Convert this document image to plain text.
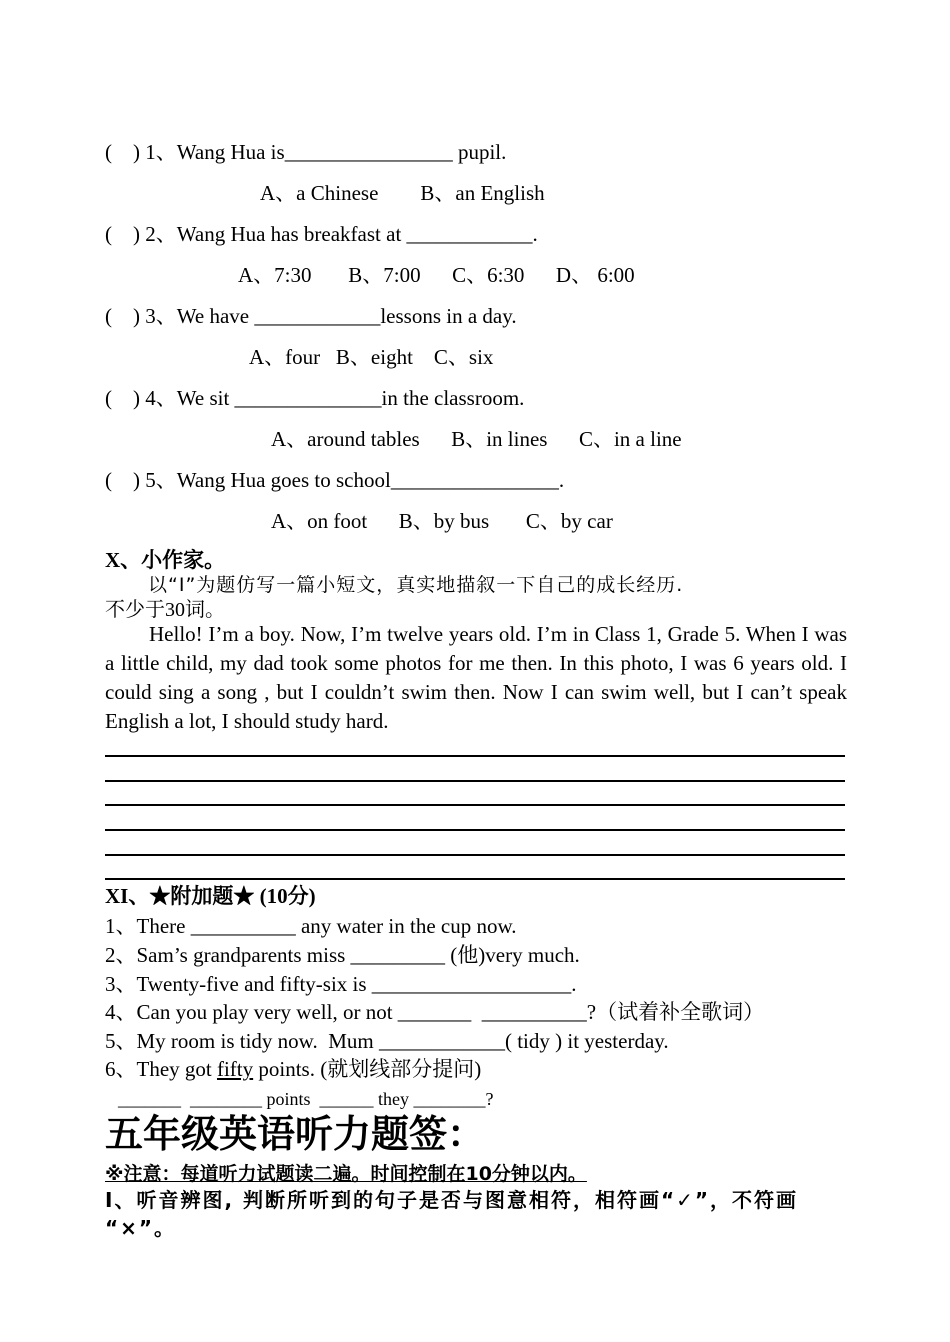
(    ) 1、Wang Hua is________________ pupil.
A、a Chinese        B、an English
(    ) 2、Wang Hua has breakfast at ____________.
A、7:30       B、7:00      C、6:30      D、 6:00
(    ) 3、We have ____________lessons in a day.
A、four   B、eight    C、six
(    ) 4、We sit ______________in the classroom.
A、around tables      B、in lines      C、in a line
(    ) 5、Wang Hua goes to school________________.
A、on foot      B、by bus       C、by car
X、小作家。
以“I”为题仿写一篇小短文，真实地描叙一下自己的成长经历.
不少于30词。
Hello! I’m a boy. Now, I’m twelve years old. I’m in Class 1, Grade 5. When I was a little child, my dad took some photos for me then. In this photo, I was 6 years old. I could sing a song , but I couldn’t swim then. Now I can swim well, but I can’t speak English a lot, I should study hard.
XI、★附加题★ (10分)
1、There __________ any water in the cup now.
2、Sam’s grandparents miss _________ (他)very much.
3、Twenty-five and fifty-six is ___________________.
4、Can you play very well, or not _______  __________?（试着补全歌词）
5、My room is tidy now.  Mum ____________( tidy ) it yesterday.
6、They got fifty points. (就划线部分提问)
_______  ________ points  ______ they ________?
五年级英语听力题签：
※注意：每道听力试题读二遍。时间控制在10分钟以内。
I、听音辨图, 判断所听到的句子是否与图意相符，相符画“✓”，不符画
“×”。
